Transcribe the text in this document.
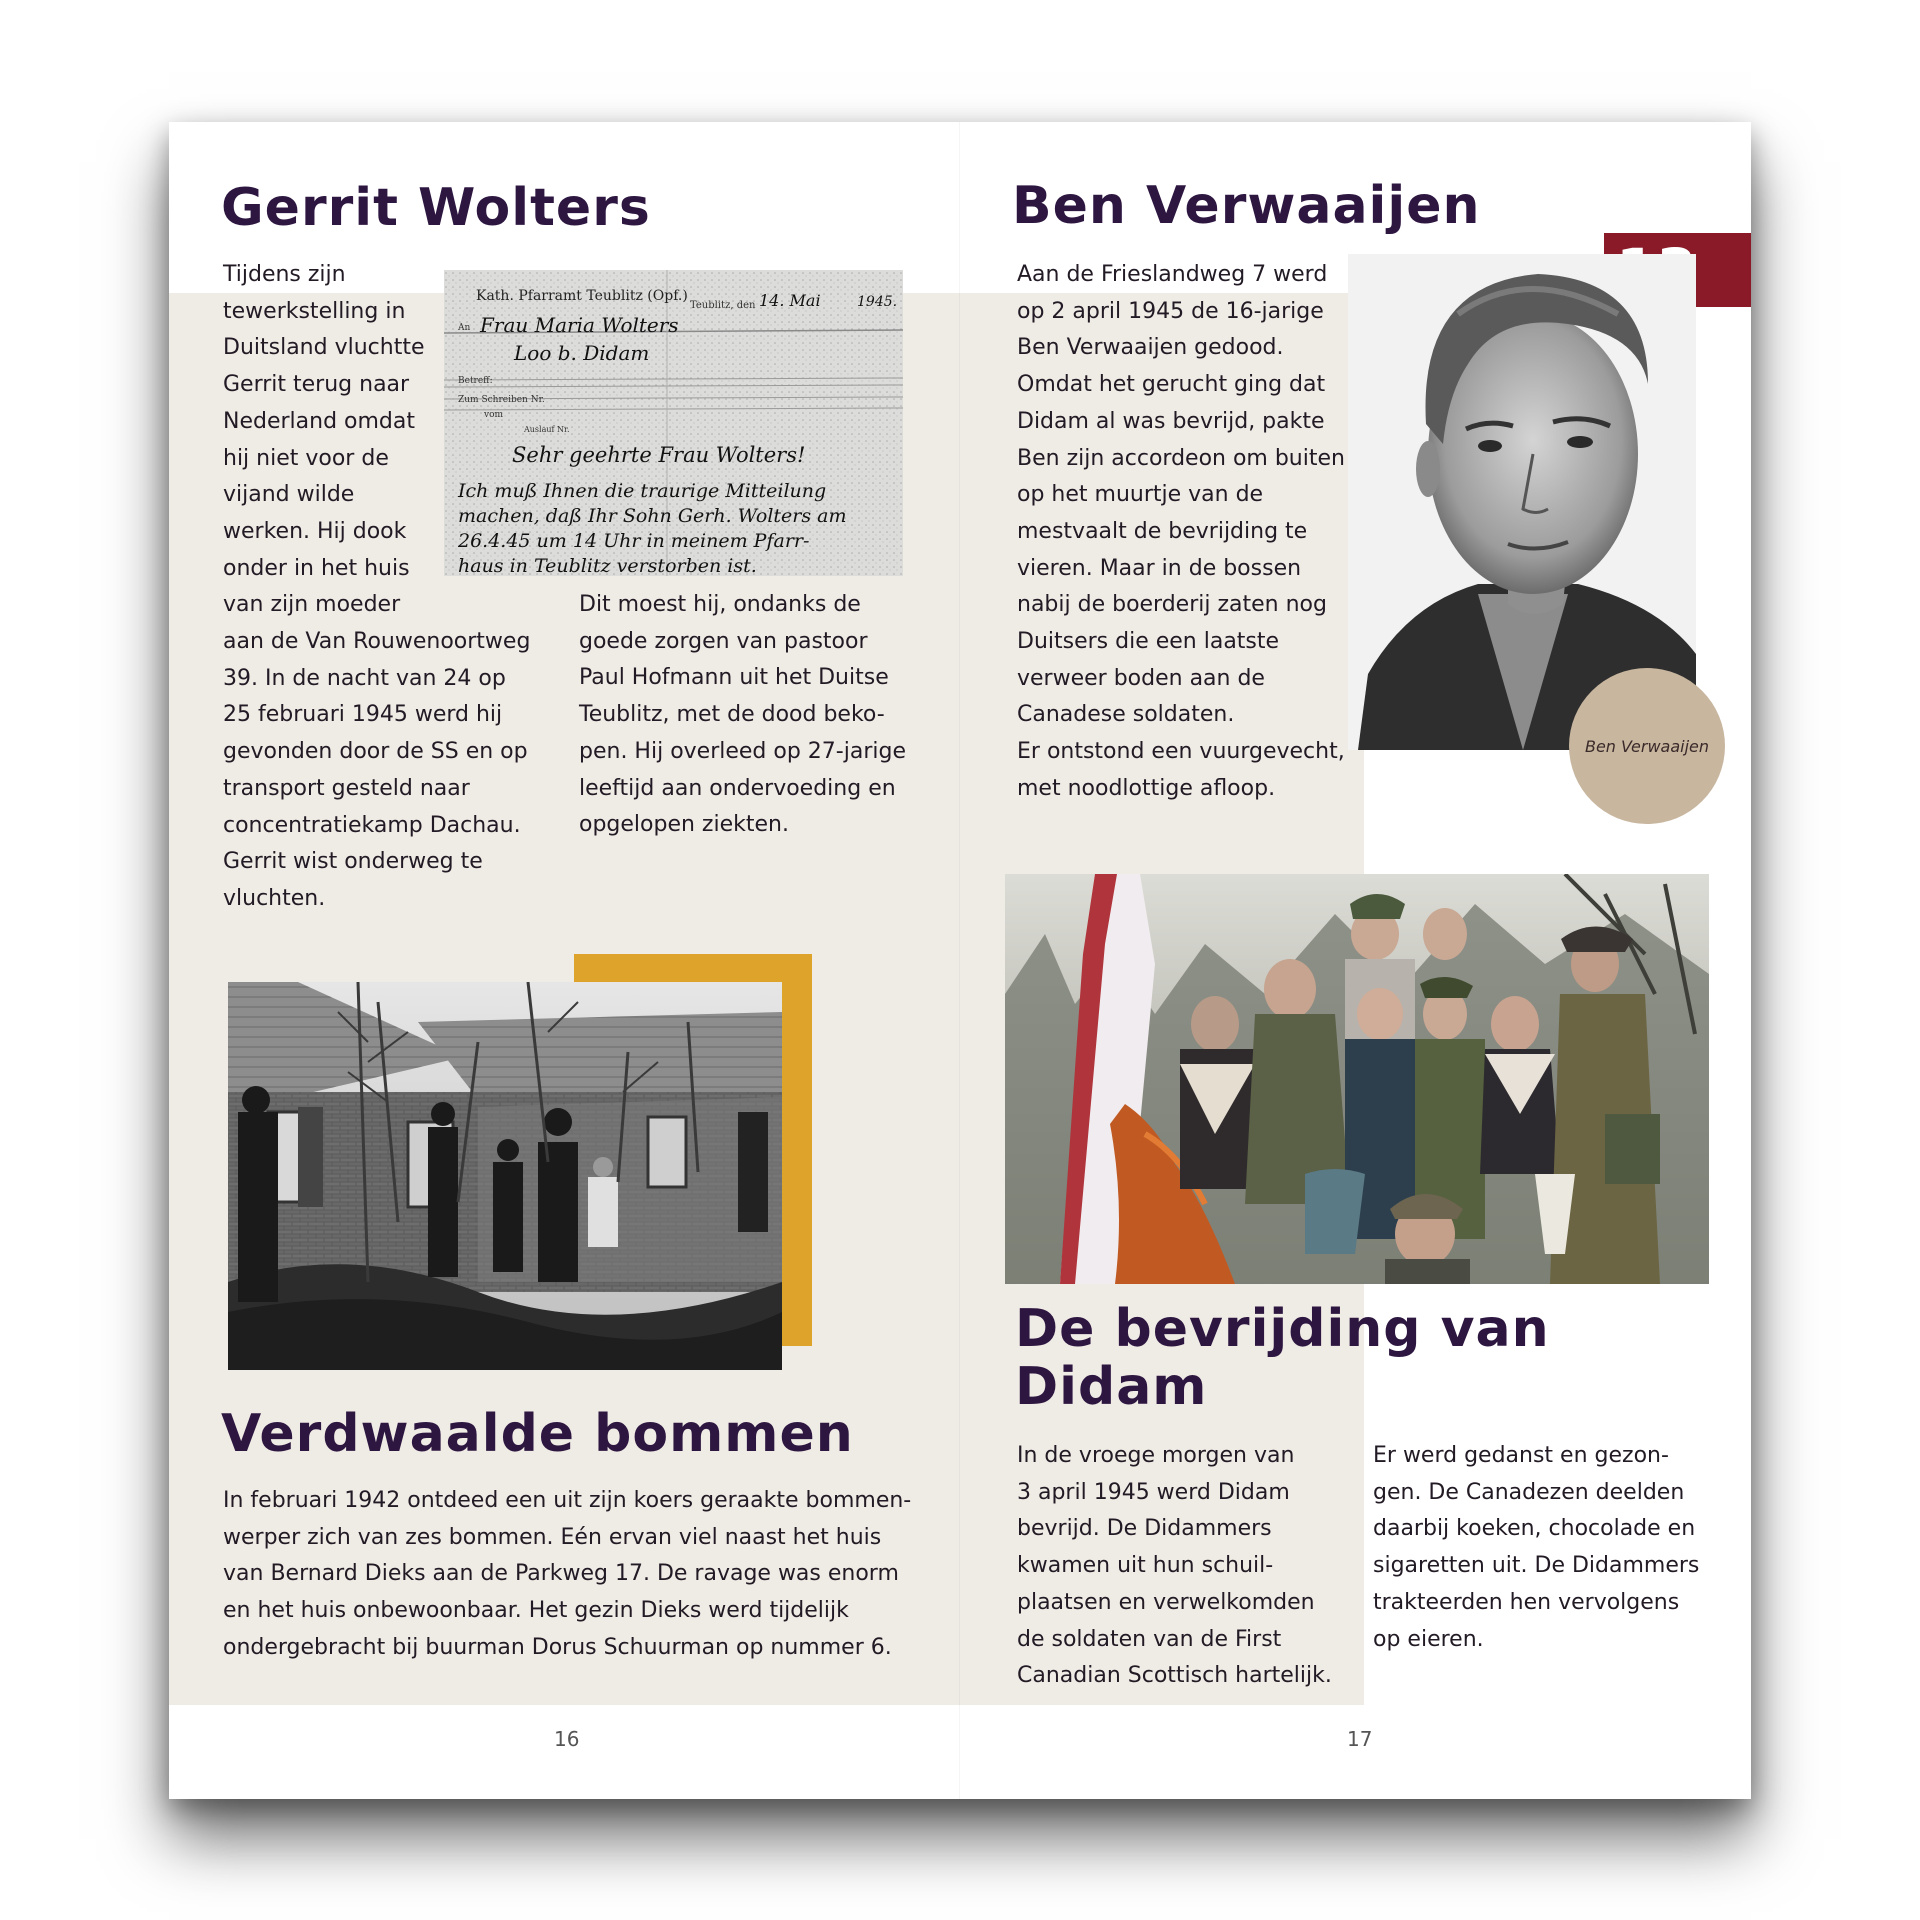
Gerrit Wolters

Tijdens zijn
tewerkstelling in
Duitsland vluchtte
Gerrit terug naar
Nederland omdat
hij niet voor de
vijand wilde
werken. Hij dook
onder in het huis
van zijn moeder
aan de Van Rouwenoortweg
39. In de nacht van 24 op
25 februari 1945 werd hij
gevonden door de SS en op
transport gesteld naar
concentratiekamp Dachau.
Gerrit wist onderweg te
vluchten.

Kath. Pfarramt Teublitz (Opf.)
Teublitz, den 14. Mai	1945.
An Frau Maria Wolters
Loo b. Didam
Betreff:
Zum Schreiben Nr.
vom
Auslauf Nr.
Sehr geehrte Frau Wolters!
Ich muß Ihnen die traurige Mitteilung
machen, daß Ihr Sohn Gerh. Wolters am
26.4.45 um 14 Uhr in meinem Pfarr-
haus in Teublitz verstorben ist.

Dit moest hij, ondanks de
goede zorgen van pastoor
Paul Hofmann uit het Duitse
Teublitz, met de dood beko-
pen. Hij overleed op 27-jarige
leeftijd aan ondervoeding en
opgelopen ziekten.

Verdwaalde bommen

In februari 1942 ontdeed een uit zijn koers geraakte bommen-
werper zich van zes bommen. Eén ervan viel naast het huis
van Bernard Dieks aan de Parkweg 17. De ravage was enorm
en het huis onbewoonbaar. Het gezin Dieks werd tijdelijk
ondergebracht bij buurman Dorus Schuurman op nummer 6.

16
Ben Verwaaijen

Aan de Frieslandweg 7 werd
op 2 april 1945 de 16-jarige
Ben Verwaaijen gedood.
Omdat het gerucht ging dat
Didam al was bevrijd, pakte
Ben zijn accordeon om buiten
op het muurtje van de
mestvaalt de bevrijding te
vieren. Maar in de bossen
nabij de boerderij zaten nog
Duitsers die een laatste
verweer boden aan de
Canadese soldaten.
Er ontstond een vuurgevecht,
met noodlottige afloop.

Ben Verwaaijen
De bevrijding van
Didam

In de vroege morgen van
3 april 1945 werd Didam
bevrijd. De Didammers
kwamen uit hun schuil-
plaatsen en verwelkomden
de soldaten van de First
Canadian Scottisch hartelijk.

Er werd gedanst en gezon-
gen. De Canadezen deelden
daarbij koeken, chocolade en
sigaretten uit. De Didammers
trakteerden hen vervolgens
op eieren.

17
